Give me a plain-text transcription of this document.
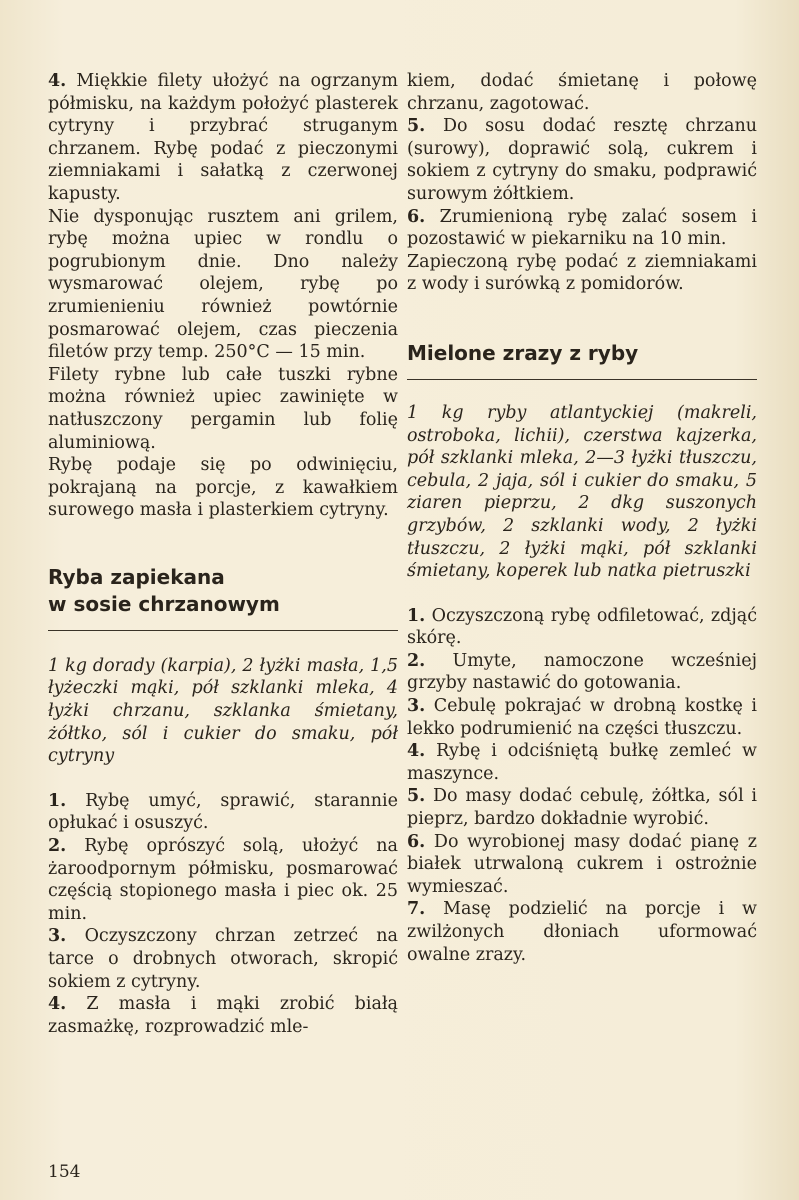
4. Miękkie filety ułożyć na ogrzanym półmisku, na każdym położyć plasterek cytryny i przybrać struganym chrzanem. Rybę podać z pieczonymi ziemniakami i sałatką z czerwonej kapusty.

Nie dysponując rusztem ani grilem, rybę można upiec w rondlu o pogrubionym dnie. Dno należy wysmarować olejem, rybę po zrumienieniu również powtórnie posmarować olejem, czas pieczenia filetów przy temp. 250°C — 15 min.

Filety rybne lub całe tuszki rybne można również upiec zawinięte w natłuszczony pergamin lub folię aluminiową.

Rybę podaje się po odwinięciu, pokrajaną na porcje, z kawałkiem surowego masła i plasterkiem cytryny.

Ryba zapiekana
w sosie chrzanowym

1 kg dorady (karpia), 2 łyżki masła, 1,5 łyżeczki mąki, pół szklanki mleka, 4 łyżki chrzanu, szklanka śmietany, żółtko, sól i cukier do smaku, pół cytryny

1. Rybę umyć, sprawić, starannie opłukać i osuszyć.

2. Rybę oprószyć solą, ułożyć na żaroodpornym półmisku, posmarować częścią stopionego masła i piec ok. 25 min.

3. Oczyszczony chrzan zetrzeć na tarce o drobnych otworach, skropić sokiem z cytryny.

4. Z masła i mąki zrobić białą zasmażkę, rozprowadzić mle-

kiem, dodać śmietanę i połowę chrzanu, zagotować.

5. Do sosu dodać resztę chrzanu (surowy), doprawić solą, cukrem i sokiem z cytryny do smaku, podprawić surowym żółtkiem.

6. Zrumienioną rybę zalać sosem i pozostawić w piekarniku na 10 min.

Zapieczoną rybę podać z ziemniakami z wody i surówką z pomidorów.

Mielone zrazy z ryby

1 kg ryby atlantyckiej (makreli, ostroboka, lichii), czerstwa kajzerka, pół szklanki mleka, 2—3 łyżki tłuszczu, cebula, 2 jaja, sól i cukier do smaku, 5 ziaren pieprzu, 2 dkg suszonych grzybów, 2 szklanki wody, 2 łyżki tłuszczu, 2 łyżki mąki, pół szklanki śmietany, koperek lub natka pietruszki

1. Oczyszczoną rybę odfiletować, zdjąć skórę.

2. Umyte, namoczone wcześniej grzyby nastawić do gotowania.

3. Cebulę pokrajać w drobną kostkę i lekko podrumienić na części tłuszczu.

4. Rybę i odciśniętą bułkę zemleć w maszynce.

5. Do masy dodać cebulę, żółtka, sól i pieprz, bardzo dokładnie wyrobić.

6. Do wyrobionej masy dodać pianę z białek utrwaloną cukrem i ostrożnie wymieszać.

7. Masę podzielić na porcje i w zwilżonych dłoniach uformować owalne zrazy.

154
